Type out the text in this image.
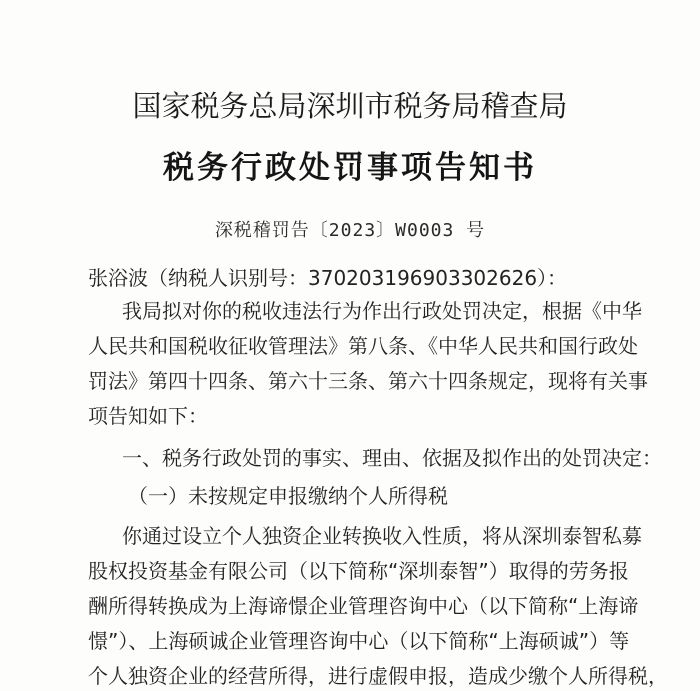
国家税务总局深圳市税务局稽查局
税务行政处罚事项告知书
深税稽罚告〔2023〕W0003 号
张浴波（纳税人识别号：370203196903302626）：
我局拟对你的税收违法行为作出行政处罚决定，根据《中华
人民共和国税收征收管理法》第八条、《中华人民共和国行政处
罚法》第四十四条、第六十三条、第六十四条规定，现将有关事
项告知如下：
一、税务行政处罚的事实、理由、依据及拟作出的处罚决定：
（一）未按规定申报缴纳个人所得税
你通过设立个人独资企业转换收入性质，将从深圳泰智私募
股权投资基金有限公司（以下简称“深圳泰智”）取得的劳务报
酬所得转换成为上海谛憬企业管理咨询中心（以下简称“上海谛
憬”）、上海硕诚企业管理咨询中心（以下简称“上海硕诚”）等
个人独资企业的经营所得，进行虚假申报，造成少缴个人所得税，
